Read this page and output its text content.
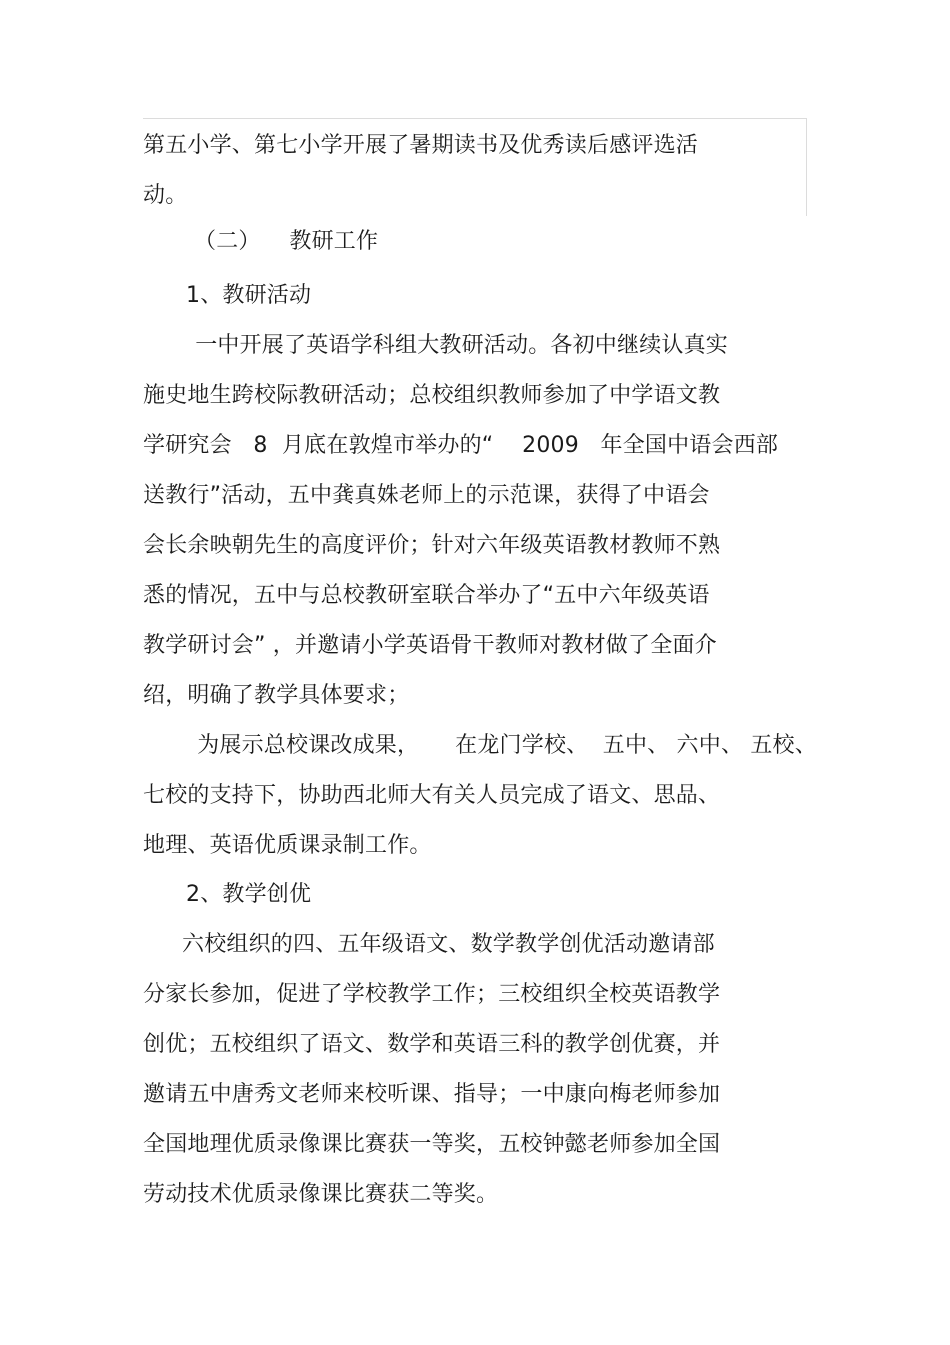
第五小学、第七小学开展了暑期读书及优秀读后感评选活
动。
（二）    教研工作
1、教研活动
一中开展了英语学科组大教研活动。各初中继续认真实
施史地生跨校际教研活动；总校组织教师参加了中学语文教
学研究会   8  月底在敦煌市举办的“    2009   年全国中语会西部
送教行”活动，五中龚真姝老师上的示范课，获得了中语会
会长余映朝先生的高度评价；针对六年级英语教材教师不熟
悉的情况，五中与总校教研室联合举办了“五中六年级英语
教学研讨会” ，并邀请小学英语骨干教师对教材做了全面介
绍，明确了教学具体要求；
为展示总校课改成果，     在龙门学校、  五中、 六中、 五校、
七校的支持下，协助西北师大有关人员完成了语文、思品、
地理、英语优质课录制工作。
2、教学创优
六校组织的四、五年级语文、数学教学创优活动邀请部
分家长参加，促进了学校教学工作；三校组织全校英语教学
创优；五校组织了语文、数学和英语三科的教学创优赛，并
邀请五中唐秀文老师来校听课、指导；一中康向梅老师参加
全国地理优质录像课比赛获一等奖，五校钟懿老师参加全国
劳动技术优质录像课比赛获二等奖。
